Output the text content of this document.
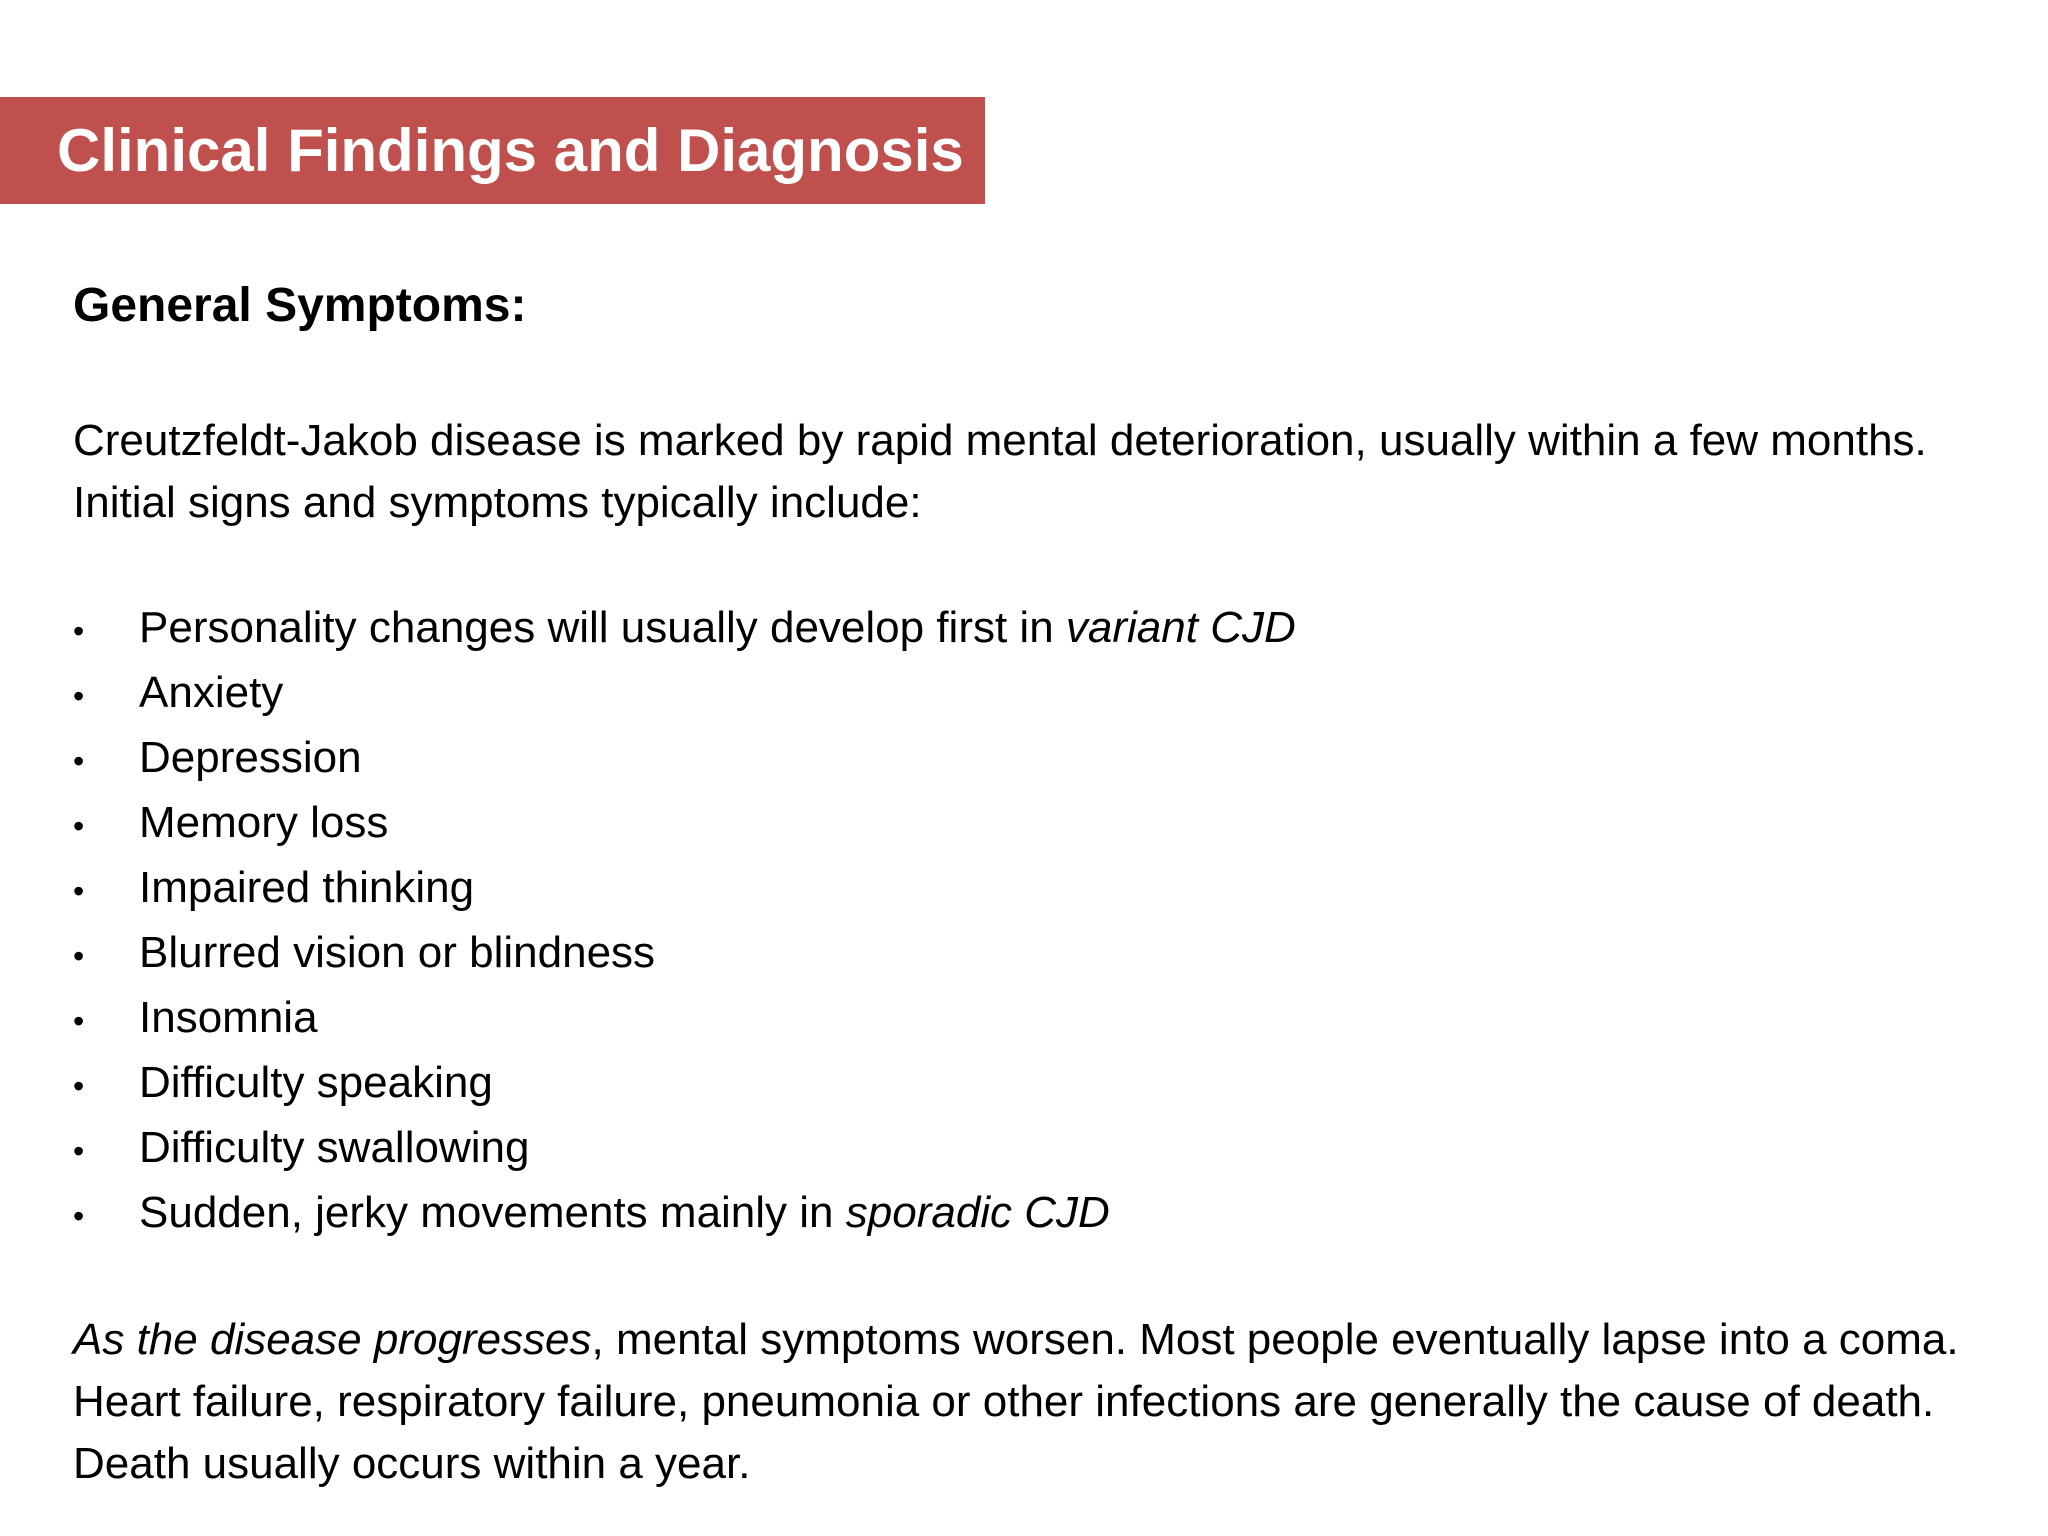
Clinical Findings and Diagnosis

General Symptoms:

Creutzfeldt-Jakob disease is marked by rapid mental deterioration, usually within a few months. Initial signs and symptoms typically include:

•	Personality changes will usually develop first in variant CJD
•	Anxiety
•	Depression
•	Memory loss
•	Impaired thinking
•	Blurred vision or blindness
•	Insomnia
•	Difficulty speaking
•	Difficulty swallowing
•	Sudden, jerky movements mainly in sporadic CJD

As the disease progresses, mental symptoms worsen. Most people eventually lapse into a coma. Heart failure, respiratory failure, pneumonia or other infections are generally the cause of death. Death usually occurs within a year.
